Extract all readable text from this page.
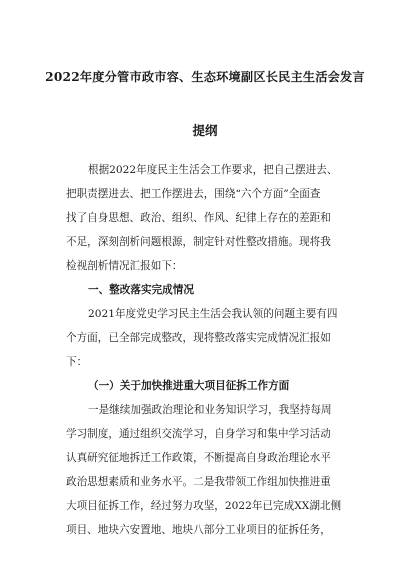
2022年度分管市政市容、生态环境副区长民主生活会发言
提纲
根据2022年度民主生活会工作要求，把自己摆进去、
把职责摆进去、把工作摆进去，围绕“六个方面”全面查
找了自身思想、政治、组织、作风、纪律上存在的差距和
不足，深刻剖析问题根源，制定针对性整改措施。现将我
检视剖析情况汇报如下：
一、整改落实完成情况
2021年度党史学习民主生活会我认领的问题主要有四
个方面，已全部完成整改，现将整改落实完成情况汇报如
下：
（一）关于加快推进重大项目征拆工作方面
一是继续加强政治理论和业务知识学习，我坚持每周
学习制度，通过组织交流学习，自身学习和集中学习活动
认真研究征地拆迁工作政策，不断提高自身政治理论水平
政治思想素质和业务水平。二是我带领工作组加快推进重
大项目征拆工作，经过努力攻坚，2022年已完成XX湖北侧
项目、地块六安置地、地块八部分工业项目的征拆任务，
